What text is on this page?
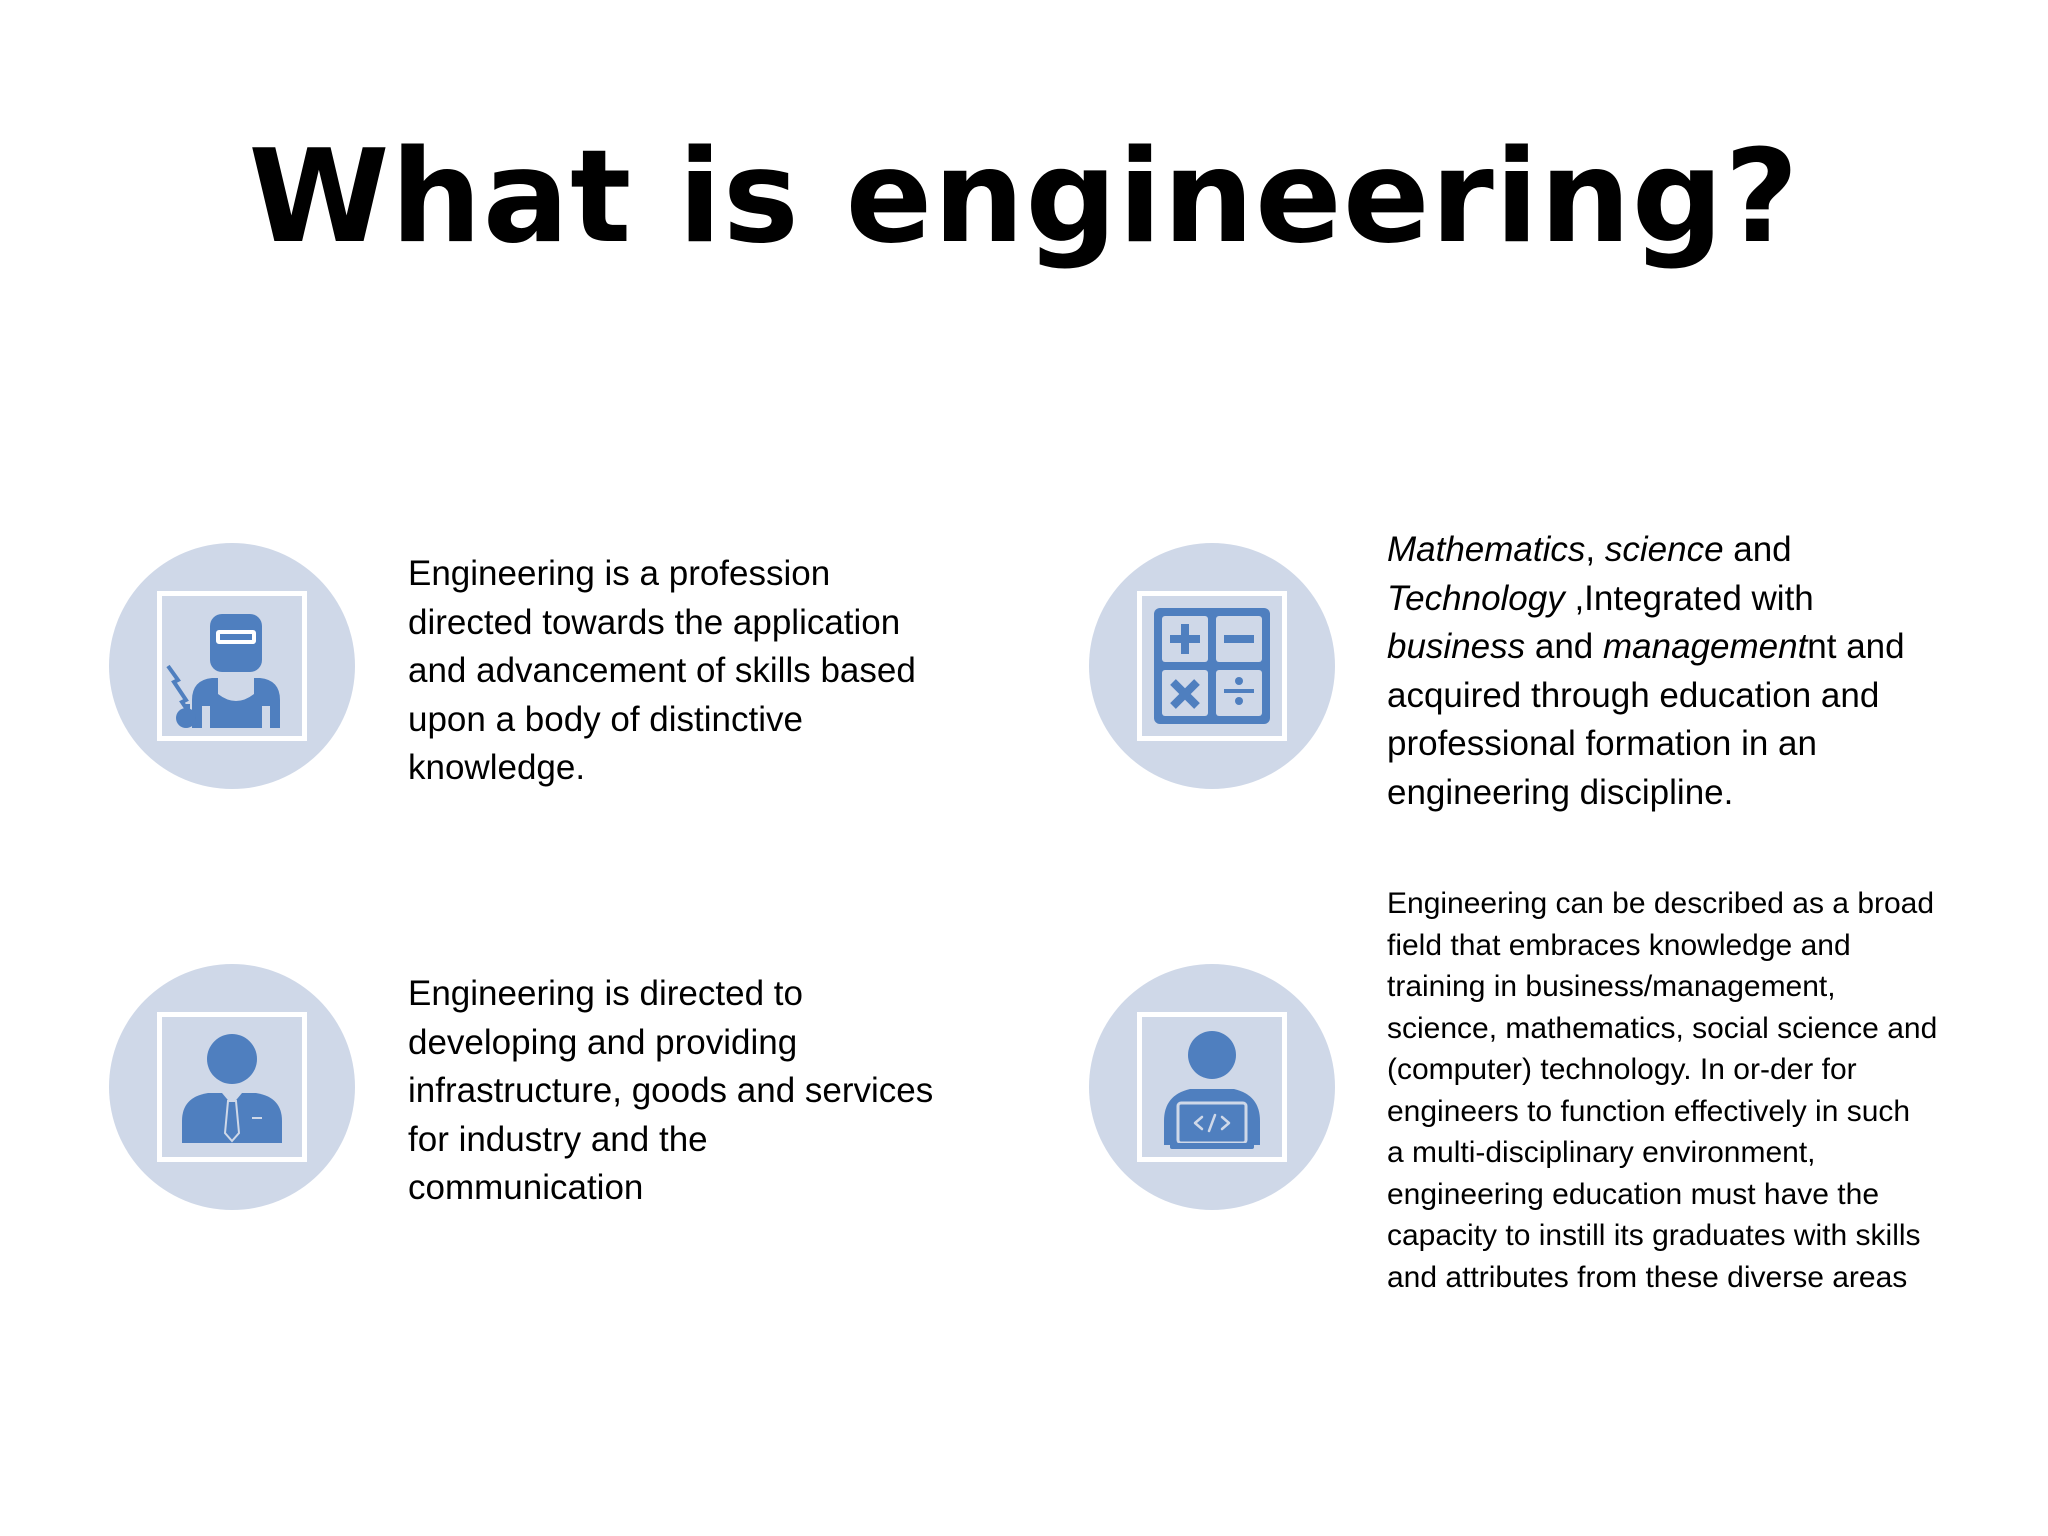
What is engineering?
Engineering is a profession
directed towards the application
and advancement of skills based
upon a body of distinctive
knowledge.
Mathematics, science and
Technology ,Integrated with
business and managementnt and
acquired through education and
professional formation in an
engineering discipline.
Engineering is directed to
developing and providing
infrastructure, goods and services
for industry and the
communication
Engineering can be described as a broad
field that embraces knowledge and
training in business/management,
science, mathematics, social science and
(computer) technology. In or-der for
engineers to function effectively in such
a multi-disciplinary environment,
engineering education must have the
capacity to instill its graduates with skills
and attributes from these diverse areas
